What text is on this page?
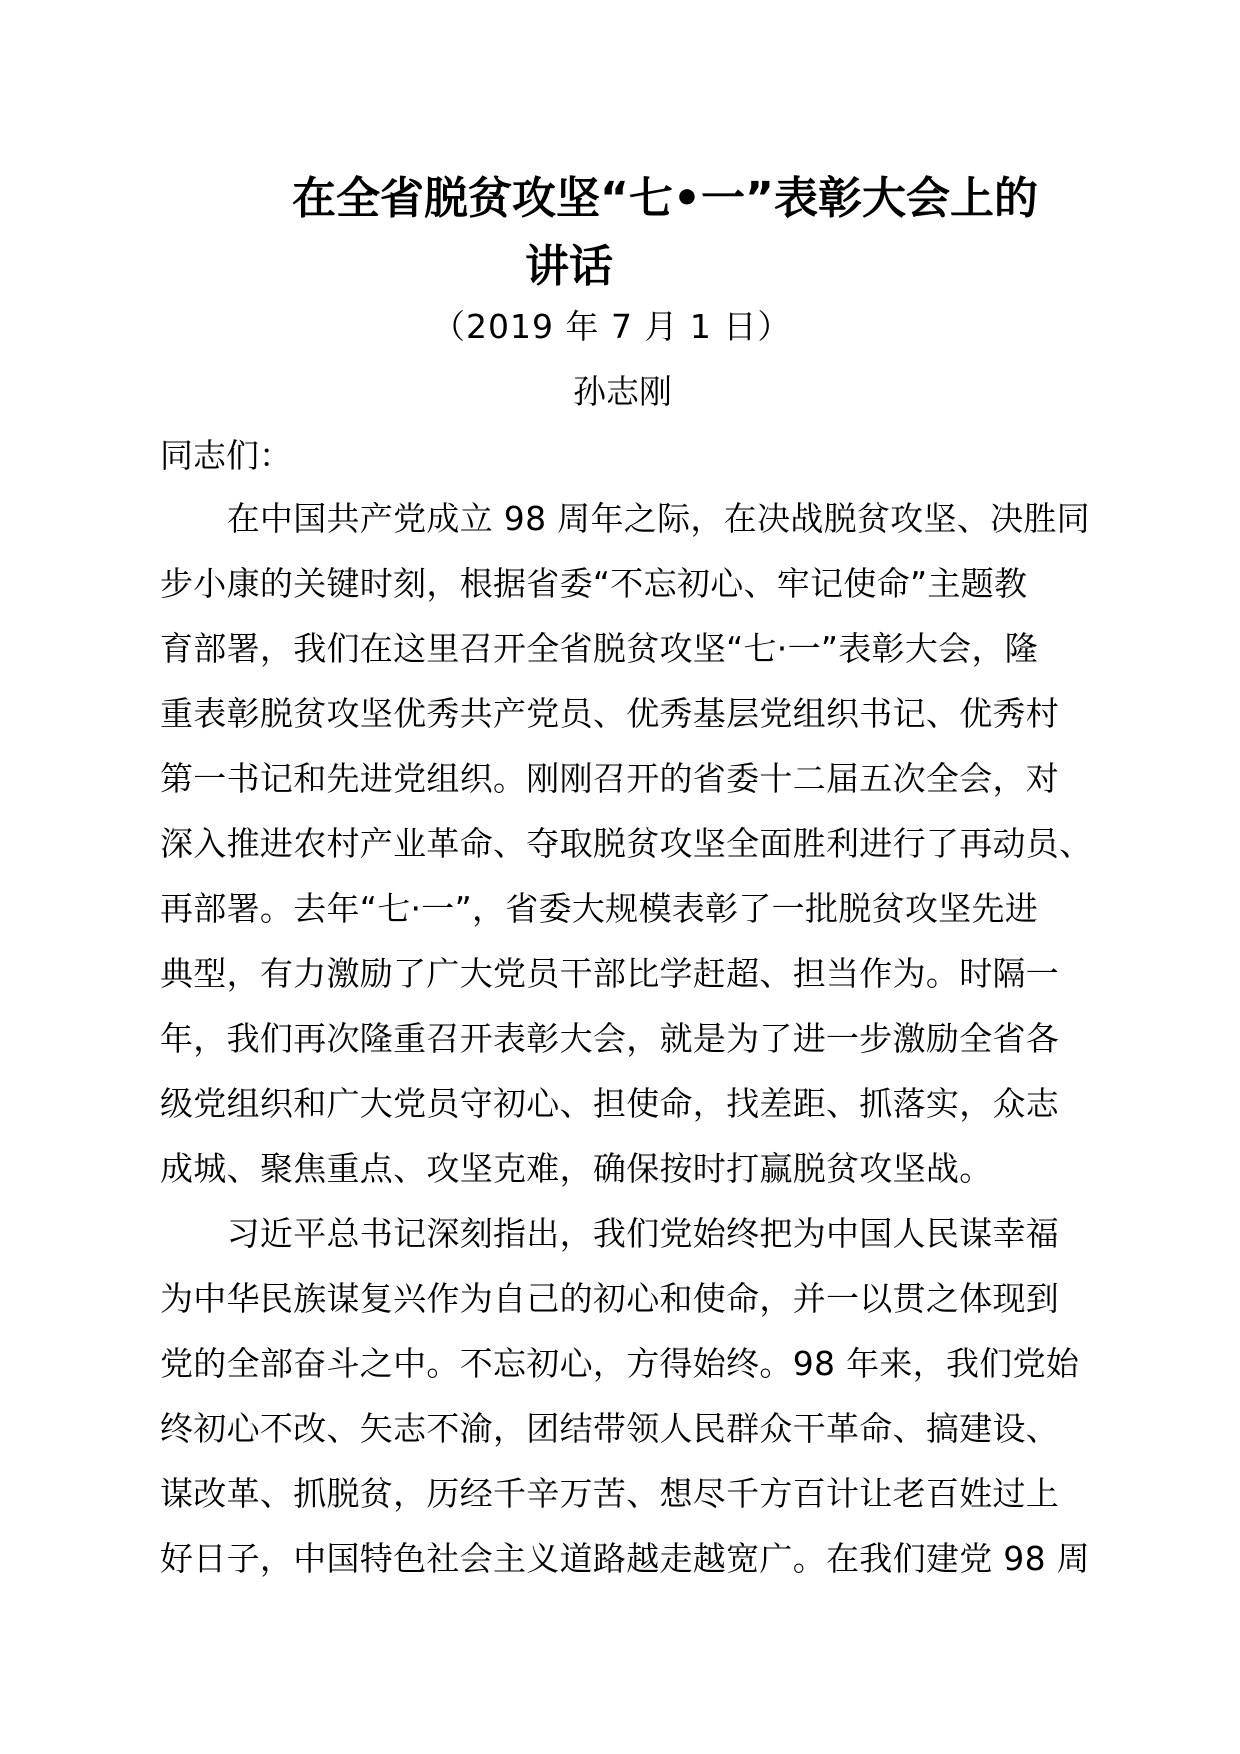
在全省脱贫攻坚“七•一”表彰大会上的
讲话
（2019 年 7 月 1 日）
孙志刚
同志们：
　　在中国共产党成立 98 周年之际，在决战脱贫攻坚、决胜同
步小康的关键时刻，根据省委“不忘初心、牢记使命”主题教
育部署，我们在这里召开全省脱贫攻坚“七·一”表彰大会，隆
重表彰脱贫攻坚优秀共产党员、优秀基层党组织书记、优秀村
第一书记和先进党组织。刚刚召开的省委十二届五次全会，对
深入推进农村产业革命、夺取脱贫攻坚全面胜利进行了再动员、
再部署。去年“七·一”，省委大规模表彰了一批脱贫攻坚先进
典型，有力激励了广大党员干部比学赶超、担当作为。时隔一
年，我们再次隆重召开表彰大会，就是为了进一步激励全省各
级党组织和广大党员守初心、担使命，找差距、抓落实，众志
成城、聚焦重点、攻坚克难，确保按时打赢脱贫攻坚战。
　　习近平总书记深刻指出，我们党始终把为中国人民谋幸福
为中华民族谋复兴作为自己的初心和使命，并一以贯之体现到
党的全部奋斗之中。不忘初心，方得始终。98 年来，我们党始
终初心不改、矢志不渝，团结带领人民群众干革命、搞建设、
谋改革、抓脱贫，历经千辛万苦、想尽千方百计让老百姓过上
好日子，中国特色社会主义道路越走越宽广。在我们建党 98 周
